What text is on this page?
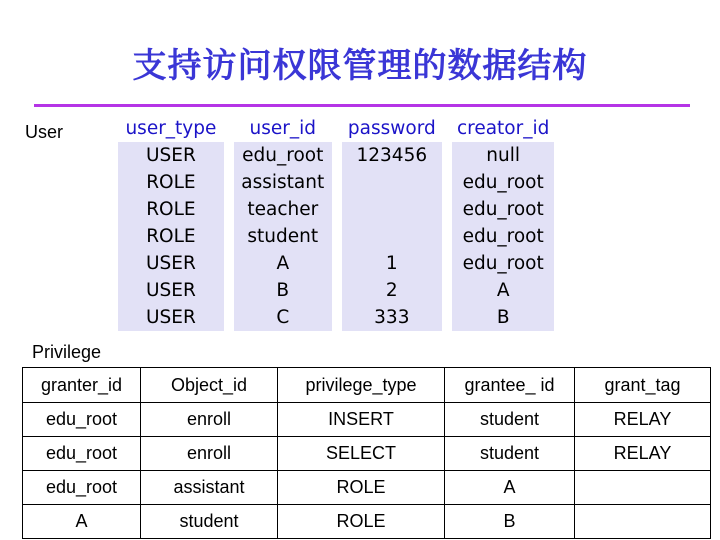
支持访问权限管理的数据结构
User	user_type	user_id	password	creator_id
USER	edu_root	123456	null
ROLE	assistant		edu_root
ROLE	teacher		edu_root
ROLE	student		edu_root
USER	A	1	edu_root
USER	B	2	A
USER	C	333	B
Privilege
granter_id	Object_id	privilege_type	grantee_ id	grant_tag
edu_root	enroll	INSERT	student	RELAY
edu_root	enroll	SELECT	student	RELAY
edu_root	assistant	ROLE	A	
A	student	ROLE	B	
